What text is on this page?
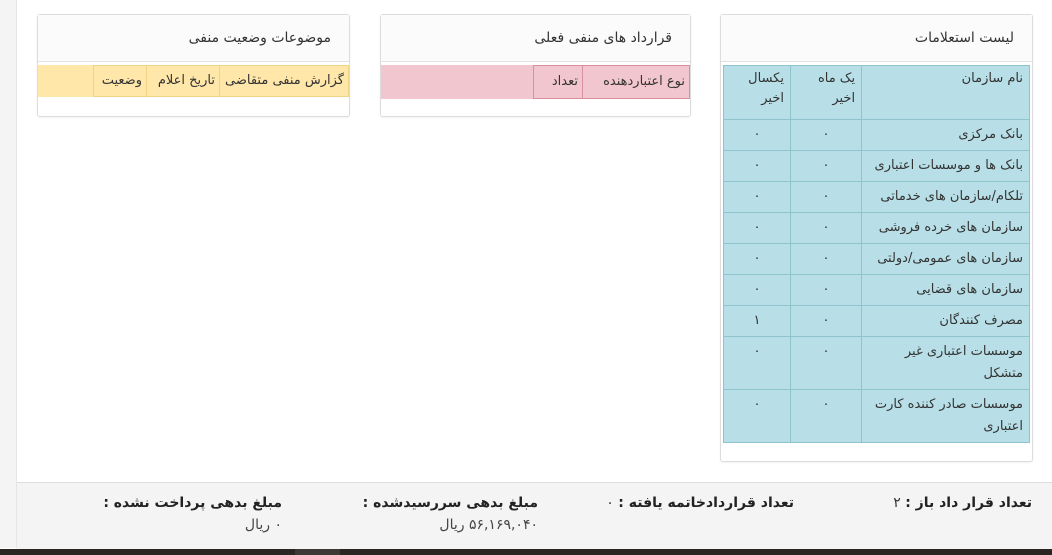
لیست استعلامات
نام سازمان	یک ماه اخیر	یکسال اخیر
بانک مرکزی	۰	۰
بانک ها و موسسات اعتباری	۰	۰
تلکام/سازمان های خدماتی	۰	۰
سازمان های خرده فروشی	۰	۰
سازمان های عمومی/دولتی	۰	۰
سازمان های قضایی	۰	۰
مصرف کنندگان	۰	۱
موسسات اعتباری غیر متشکل	۰	۰
موسسات صادر کننده کارت اعتباری	۰	۰
قرارداد های منفی فعلی
نوع اعتباردهنده	تعداد	
موضوعات وضعیت منفی
گزارش منفی متقاضی	تاریخ اعلام	وضعیت	
تعداد قرار داد باز : ۲
تعداد قراردادخاتمه یافته : ۰
مبلغ بدهی سررسیدشده :
۵۶,۱۶۹,۰۴۰ ریال
مبلغ بدهی پرداخت نشده :
۰ ریال
